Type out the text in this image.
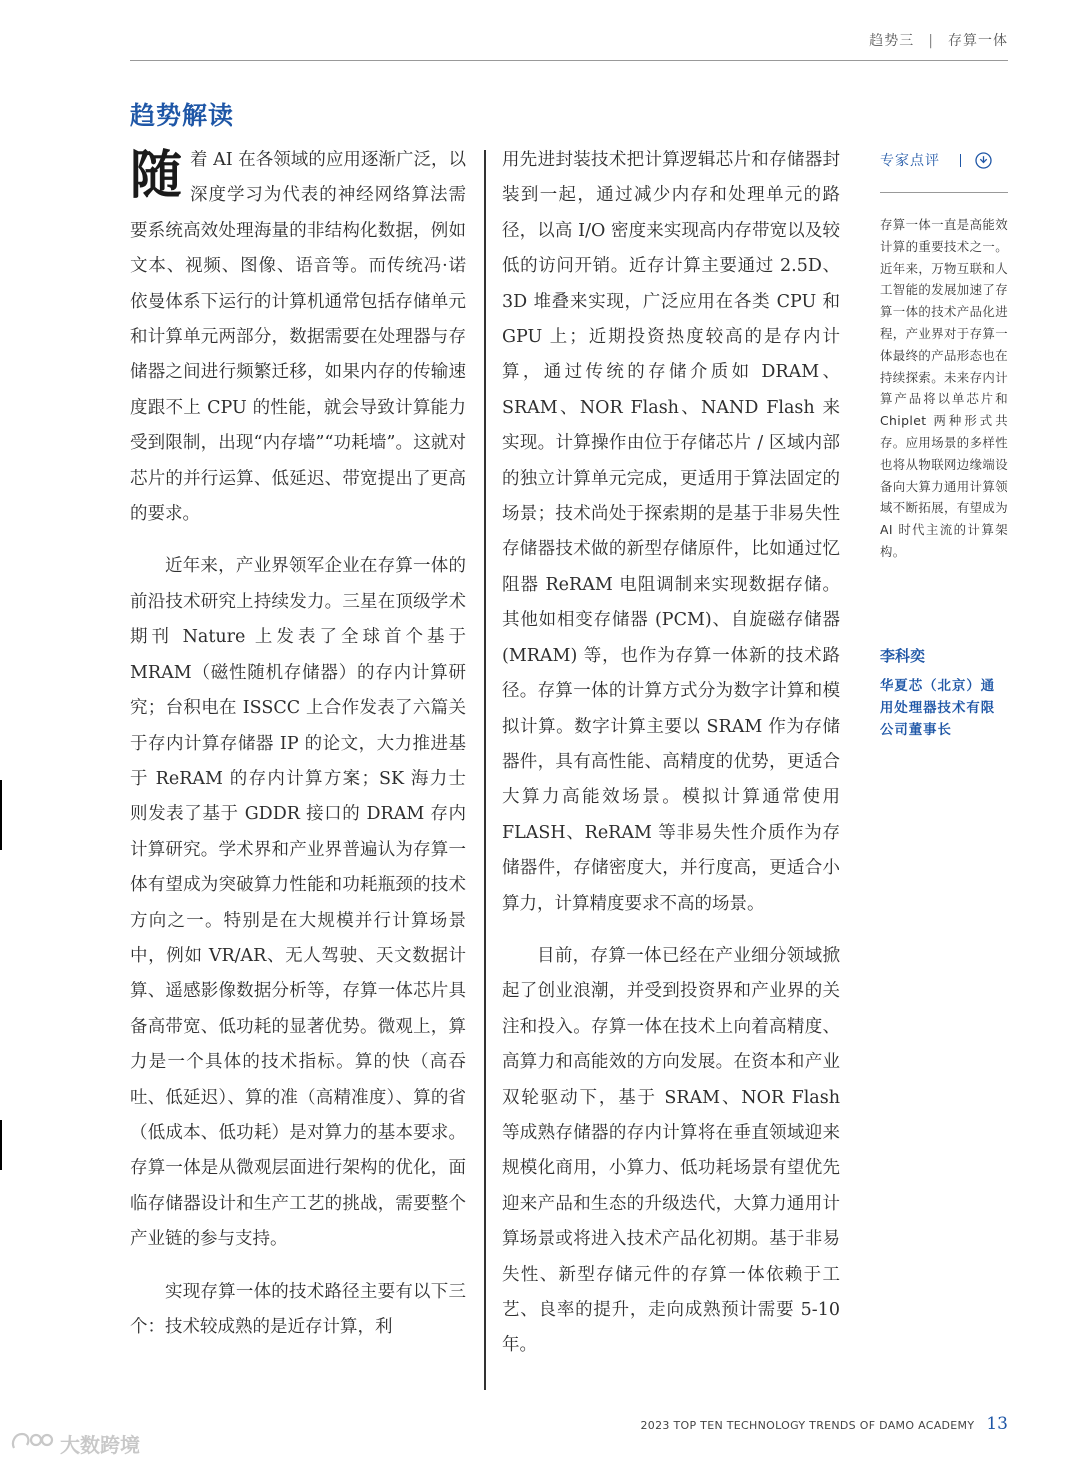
趋势三 | 存算一体
趋势解读

随着 AI 在各领域的应用逐渐广泛，以深度学习为代表的神经网络算法需要系统高效处理海量的非结构化数据，例如文本、视频、图像、语音等。而传统冯·诺依曼体系下运行的计算机通常包括存储单元和计算单元两部分，数据需要在处理器与存储器之间进行频繁迁移，如果内存的传输速度跟不上 CPU 的性能，就会导致计算能力受到限制，出现“内存墙”“功耗墙”。这就对芯片的并行运算、低延迟、带宽提出了更高的要求。

近年来，产业界领军企业在存算一体的前沿技术研究上持续发力。三星在顶级学术期刊 Nature 上发表了全球首个基于 MRAM（磁性随机存储器）的存内计算研究；台积电在 ISSCC 上合作发表了六篇关于存内计算存储器 IP 的论文，大力推进基于 ReRAM 的存内计算方案；SK 海力士则发表了基于 GDDR 接口的 DRAM 存内计算研究。学术界和产业界普遍认为存算一体有望成为突破算力性能和功耗瓶颈的技术方向之一。特别是在大规模并行计算场景中，例如 VR/AR、无人驾驶、天文数据计算、遥感影像数据分析等，存算一体芯片具备高带宽、低功耗的显著优势。微观上，算力是一个具体的技术指标。算的快（高吞吐、低延迟）、算的准（高精准度）、算的省（低成本、低功耗）是对算力的基本要求。存算一体是从微观层面进行架构的优化，面临存储器设计和生产工艺的挑战，需要整个产业链的参与支持。

实现存算一体的技术路径主要有以下三个：技术较成熟的是近存计算，利

用先进封装技术把计算逻辑芯片和存储器封装到一起，通过减少内存和处理单元的路径，以高 I/O 密度来实现高内存带宽以及较低的访问开销。近存计算主要通过 2.5D、3D 堆叠来实现，广泛应用在各类 CPU 和 GPU 上；近期投资热度较高的是存内计算，通过传统的存储介质如 DRAM、SRAM、NOR Flash、NAND Flash 来实现。计算操作由位于存储芯片 / 区域内部的独立计算单元完成，更适用于算法固定的场景；技术尚处于探索期的是基于非易失性存储器技术做的新型存储原件，比如通过忆阻器 ReRAM 电阻调制来实现数据存储。其他如相变存储器 (PCM)、自旋磁存储器 (MRAM) 等，也作为存算一体新的技术路径。存算一体的计算方式分为数字计算和模拟计算。数字计算主要以 SRAM 作为存储器件，具有高性能、高精度的优势，更适合大算力高能效场景。模拟计算通常使用 FLASH、ReRAM 等非易失性介质作为存储器件，存储密度大，并行度高，更适合小算力，计算精度要求不高的场景。

目前，存算一体已经在产业细分领域掀起了创业浪潮，并受到投资界和产业界的关注和投入。存算一体在技术上向着高精度、高算力和高能效的方向发展。在资本和产业双轮驱动下，基于 SRAM、NOR Flash 等成熟存储器的存内计算将在垂直领域迎来规模化商用，小算力、低功耗场景有望优先迎来产品和生态的升级迭代，大算力通用计算场景或将进入技术产品化初期。基于非易失性、新型存储元件的存算一体依赖于工艺、良率的提升，走向成熟预计需要 5-10 年。

专家点评
存算一体一直是高能效计算的重要技术之一。近年来，万物互联和人工智能的发展加速了存算一体的技术产品化进程，产业界对于存算一体最终的产品形态也在持续探索。未来存内计算产品将以单芯片和 Chiplet 两种形式共存。应用场景的多样性也将从物联网边缘端设备向大算力通用计算领域不断拓展，有望成为 AI 时代主流的计算架构。
李科奕
华夏芯（北京）通用处理器技术有限公司董事长
2023 TOP TEN TECHNOLOGY TRENDS OF DAMO ACADEMY 13
大数跨境
